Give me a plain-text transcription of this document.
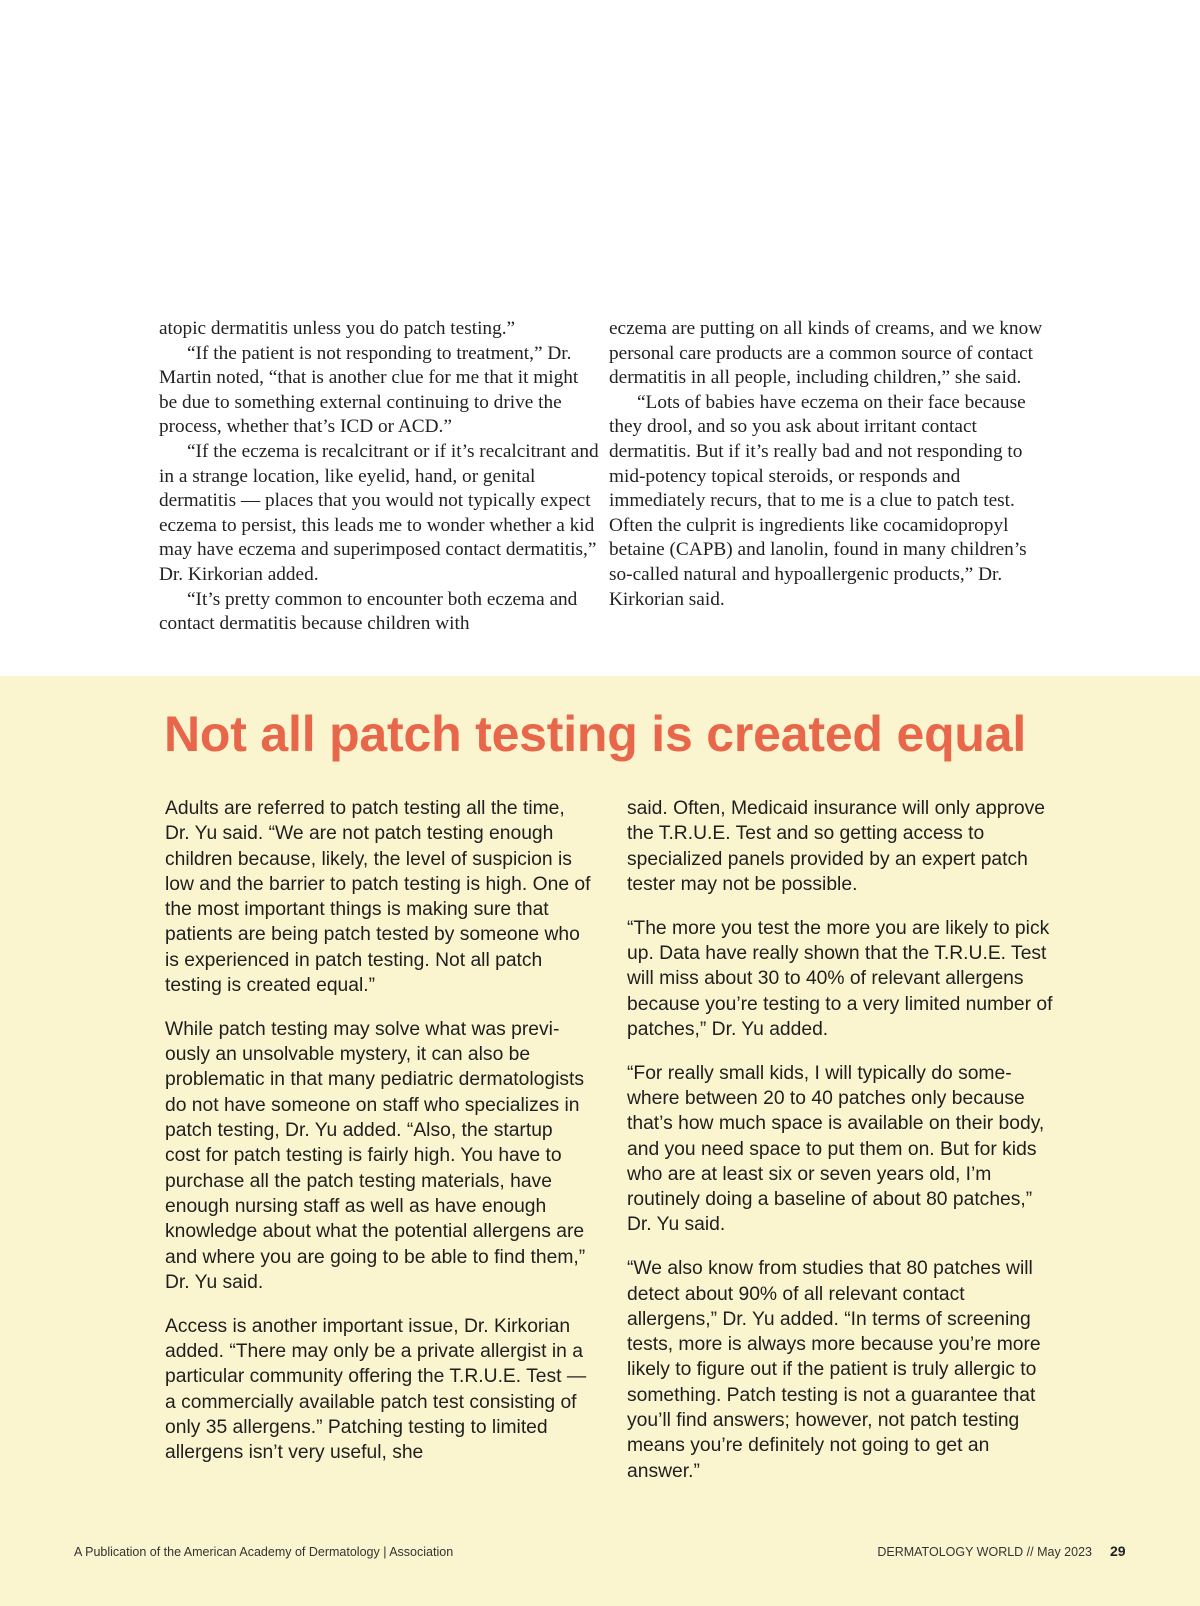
atopic dermatitis unless you do patch testing.”

“If the patient is not responding to treatment,” Dr. Martin noted, “that is another clue for me that it might be due to something external continuing to drive the process, whether that’s ICD or ACD.”

“If the eczema is recalcitrant or if it’s recalcitrant and in a strange location, like eyelid, hand, or genital dermatitis — places that you would not typically expect eczema to persist, this leads me to wonder whether a kid may have eczema and superimposed contact dermatitis,” Dr. Kirkorian added.

“It’s pretty common to encounter both eczema and contact dermatitis because children with

eczema are putting on all kinds of creams, and we know personal care products are a common source of contact dermatitis in all people, including children,” she said.

“Lots of babies have eczema on their face because they drool, and so you ask about irritant contact dermatitis. But if it’s really bad and not responding to mid-potency topical steroids, or responds and immediately recurs, that to me is a clue to patch test. Often the culprit is ingredients like cocamidopropyl betaine (CAPB) and lanolin, found in many children’s so-called natural and hypoallergenic products,” Dr. Kirkorian said.

Not all patch testing is created equal

Adults are referred to patch testing all the time, Dr. Yu said. “We are not patch testing enough children because, likely, the level of suspicion is low and the barrier to patch testing is high. One of the most important things is making sure that patients are being patch tested by someone who is experienced in patch testing. Not all patch testing is created equal.”

While patch testing may solve what was previously an unsolvable mystery, it can also be problematic in that many pediatric dermatologists do not have someone on staff who specializes in patch testing, Dr. Yu added. “Also, the startup cost for patch testing is fairly high. You have to purchase all the patch testing materials, have enough nursing staff as well as have enough knowledge about what the potential allergens are and where you are going to be able to find them,” Dr. Yu said.

Access is another important issue, Dr. Kirkorian added. “There may only be a private allergist in a particular community offering the T.R.U.E. Test — a commercially available patch test consisting of only 35 allergens.” Patching testing to limited allergens isn’t very useful, she

said. Often, Medicaid insurance will only approve the T.R.U.E. Test and so getting access to specialized panels provided by an expert patch tester may not be possible.

“The more you test the more you are likely to pick up. Data have really shown that the T.R.U.E. Test will miss about 30 to 40% of relevant allergens because you’re testing to a very limited number of patches,” Dr. Yu added.

“For really small kids, I will typically do somewhere between 20 to 40 patches only because that’s how much space is available on their body, and you need space to put them on. But for kids who are at least six or seven years old, I’m routinely doing a baseline of about 80 patches,” Dr. Yu said.

“We also know from studies that 80 patches will detect about 90% of all relevant contact allergens,” Dr. Yu added. “In terms of screening tests, more is always more because you’re more likely to figure out if the patient is truly allergic to something. Patch testing is not a guarantee that you’ll find answers; however, not patch testing means you’re definitely not going to get an answer.”

A Publication of the American Academy of Dermatology | Association	DERMATOLOGY WORLD // May 2023 29
